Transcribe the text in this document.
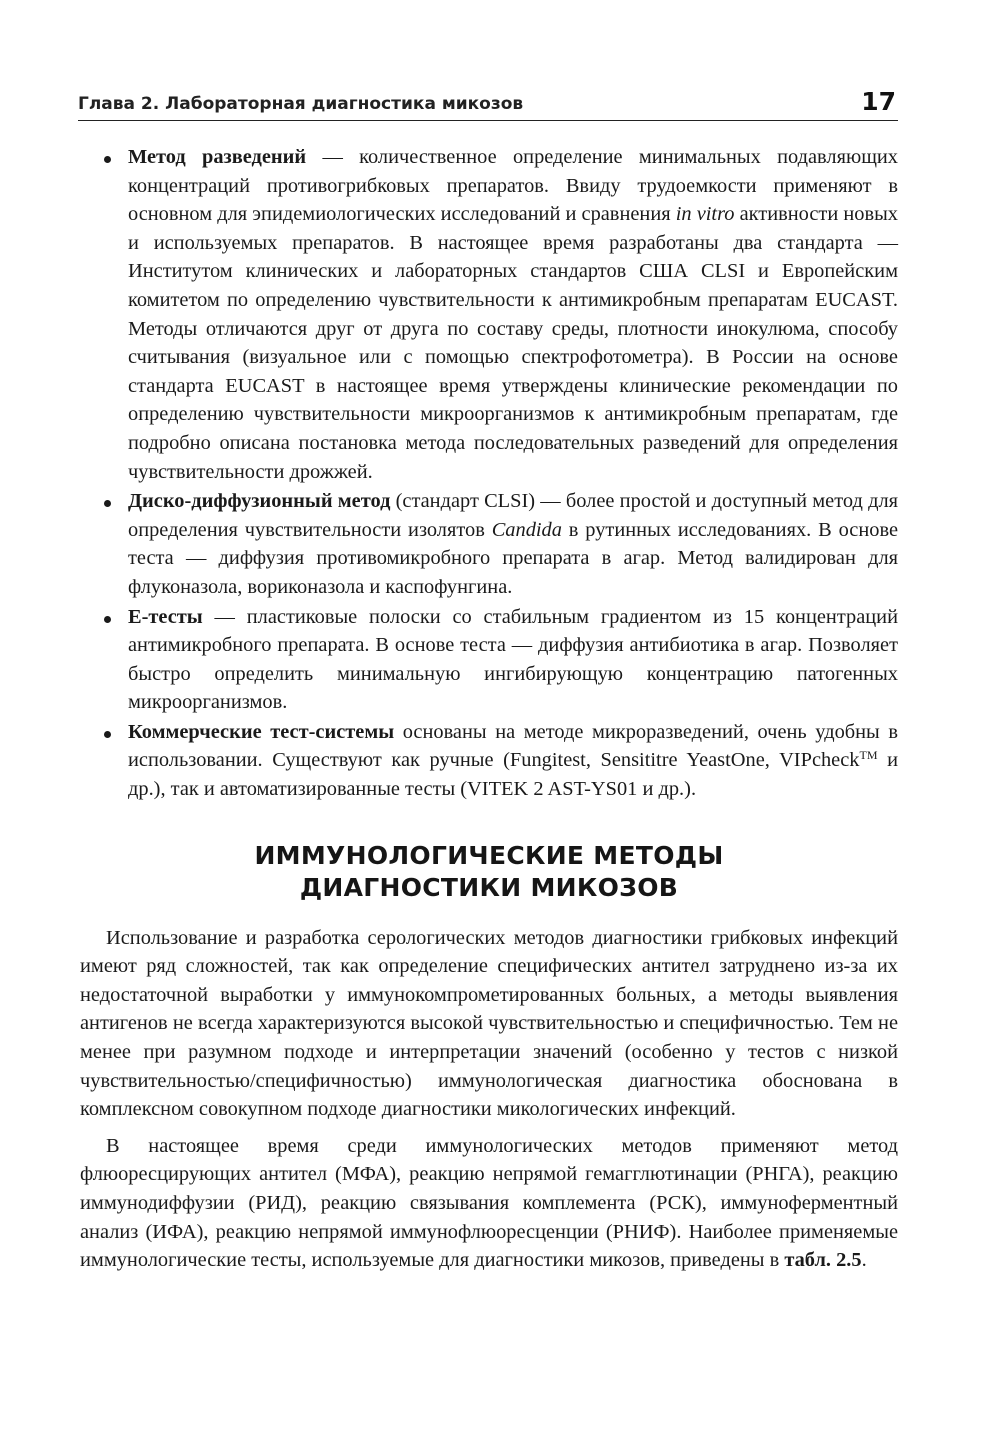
Глава 2. Лабораторная диагностика микозов	17
Метод разведений — количественное определение минимальных подавляющих концентраций противогрибковых препаратов. Ввиду трудоемкости применяют в основном для эпидемиологических исследований и сравнения in vitro активности новых и используемых препаратов. В настоящее время разработаны два стандарта — Институтом клинических и лабораторных стандартов США CLSI и Европейским комитетом по определению чувствительности к антимикробным препаратам EUCAST. Методы отличаются друг от друга по составу среды, плотности инокулюма, способу считывания (визуальное или с помощью спектрофотометра). В России на основе стандарта EUCAST в настоящее время утверждены клинические рекомендации по определению чувствительности микроорганизмов к антимикробным препаратам, где подробно описана постановка метода последовательных разведений для определения чувствительности дрожжей.
Диско-диффузионный метод (стандарт CLSI) — более простой и доступный метод для определения чувствительности изолятов Candida в рутинных исследованиях. В основе теста — диффузия противомикробного препарата в агар. Метод валидирован для флуконазола, вориконазола и каспофунгина.
Е-тесты — пластиковые полоски со стабильным градиентом из 15 концентраций антимикробного препарата. В основе теста — диффузия антибиотика в агар. Позволяет быстро определить минимальную ингибирующую концентрацию патогенных микроорганизмов.
Коммерческие тест-системы основаны на методе микроразведений, очень удобны в использовании. Существуют как ручные (Fungitest, Sensititre YeastOne, VIPcheck™ и др.), так и автоматизированные тесты (VITEK 2 AST-YS01 и др.).
ИММУНОЛОГИЧЕСКИЕ МЕТОДЫ
ДИАГНОСТИКИ МИКОЗОВ

Использование и разработка серологических методов диагностики грибковых инфекций имеют ряд сложностей, так как определение специфических антител затруднено из-за их недостаточной выработки у иммунокомпрометированных больных, а методы выявления антигенов не всегда характеризуются высокой чувствительностью и специфичностью. Тем не менее при разумном подходе и интерпретации значений (особенно у тестов с низкой чувствительностью/специфичностью) иммунологическая диагностика обоснована в комплексном совокупном подходе диагностики микологических инфекций.

В настоящее время среди иммунологических методов применяют метод флюоресцирующих антител (МФА), реакцию непрямой гемагглютинации (РНГА), реакцию иммунодиффузии (РИД), реакцию связывания комплемента (РСК), иммуноферментный анализ (ИФА), реакцию непрямой иммунофлюоресценции (РНИФ). Наиболее применяемые иммунологические тесты, используемые для диагностики микозов, приведены в табл. 2.5.
